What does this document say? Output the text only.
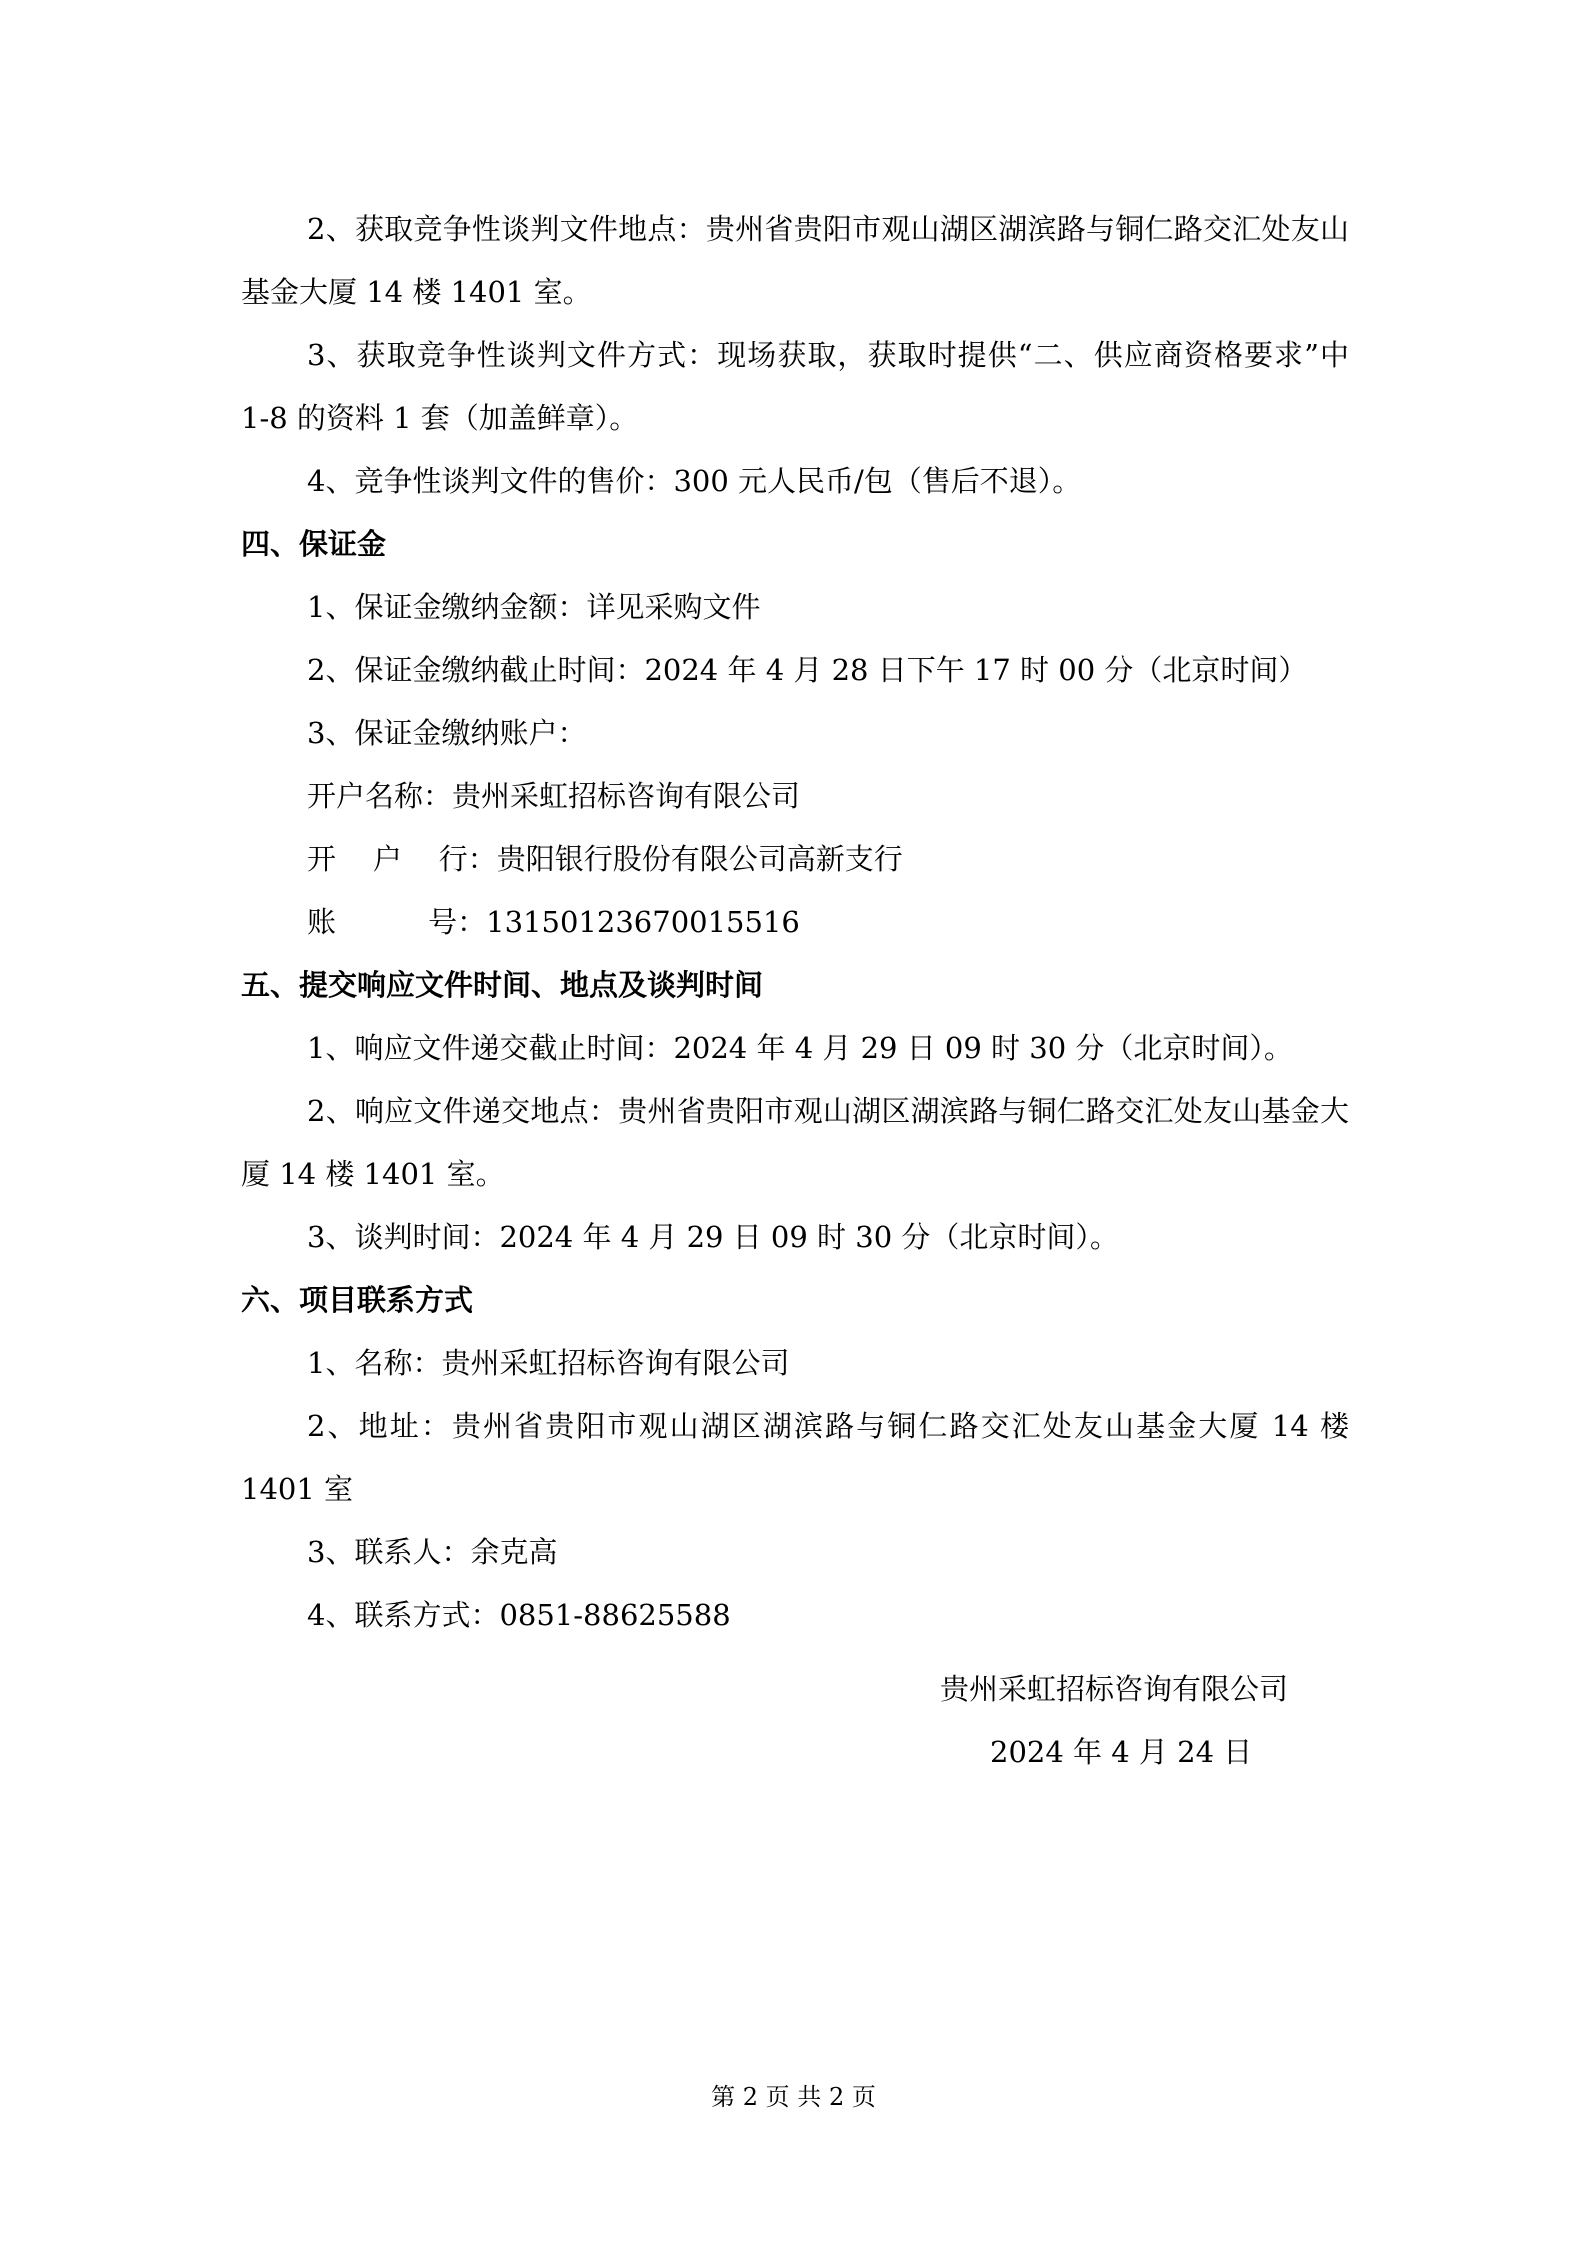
2、获取竞争性谈判文件地点：贵州省贵阳市观山湖区湖滨路与铜仁路交汇处友山基金大厦 14 楼 1401 室。

3、获取竞争性谈判文件方式：现场获取，获取时提供“二、供应商资格要求”中 1-8 的资料 1 套（加盖鲜章）。

4、竞争性谈判文件的售价：300 元人民币/包（售后不退）。

四、保证金

1、保证金缴纳金额：详见采购文件

2、保证金缴纳截止时间：2024 年 4 月 28 日下午 17 时 00 分（北京时间）

3、保证金缴纳账户：

开户名称：贵州采虹招标咨询有限公司

开    户    行：贵阳银行股份有限公司高新支行

账          号：13150123670015516

五、提交响应文件时间、地点及谈判时间

1、响应文件递交截止时间：2024 年 4 月 29 日 09 时 30 分（北京时间）。

2、响应文件递交地点：贵州省贵阳市观山湖区湖滨路与铜仁路交汇处友山基金大厦 14 楼 1401 室。

3、谈判时间：2024 年 4 月 29 日 09 时 30 分（北京时间）。

六、项目联系方式

1、名称：贵州采虹招标咨询有限公司

2、地址：贵州省贵阳市观山湖区湖滨路与铜仁路交汇处友山基金大厦 14 楼 1401 室

3、联系人：余克高

4、联系方式：0851-88625588

贵州采虹招标咨询有限公司

2024 年 4 月 24 日

第 2 页 共 2 页
